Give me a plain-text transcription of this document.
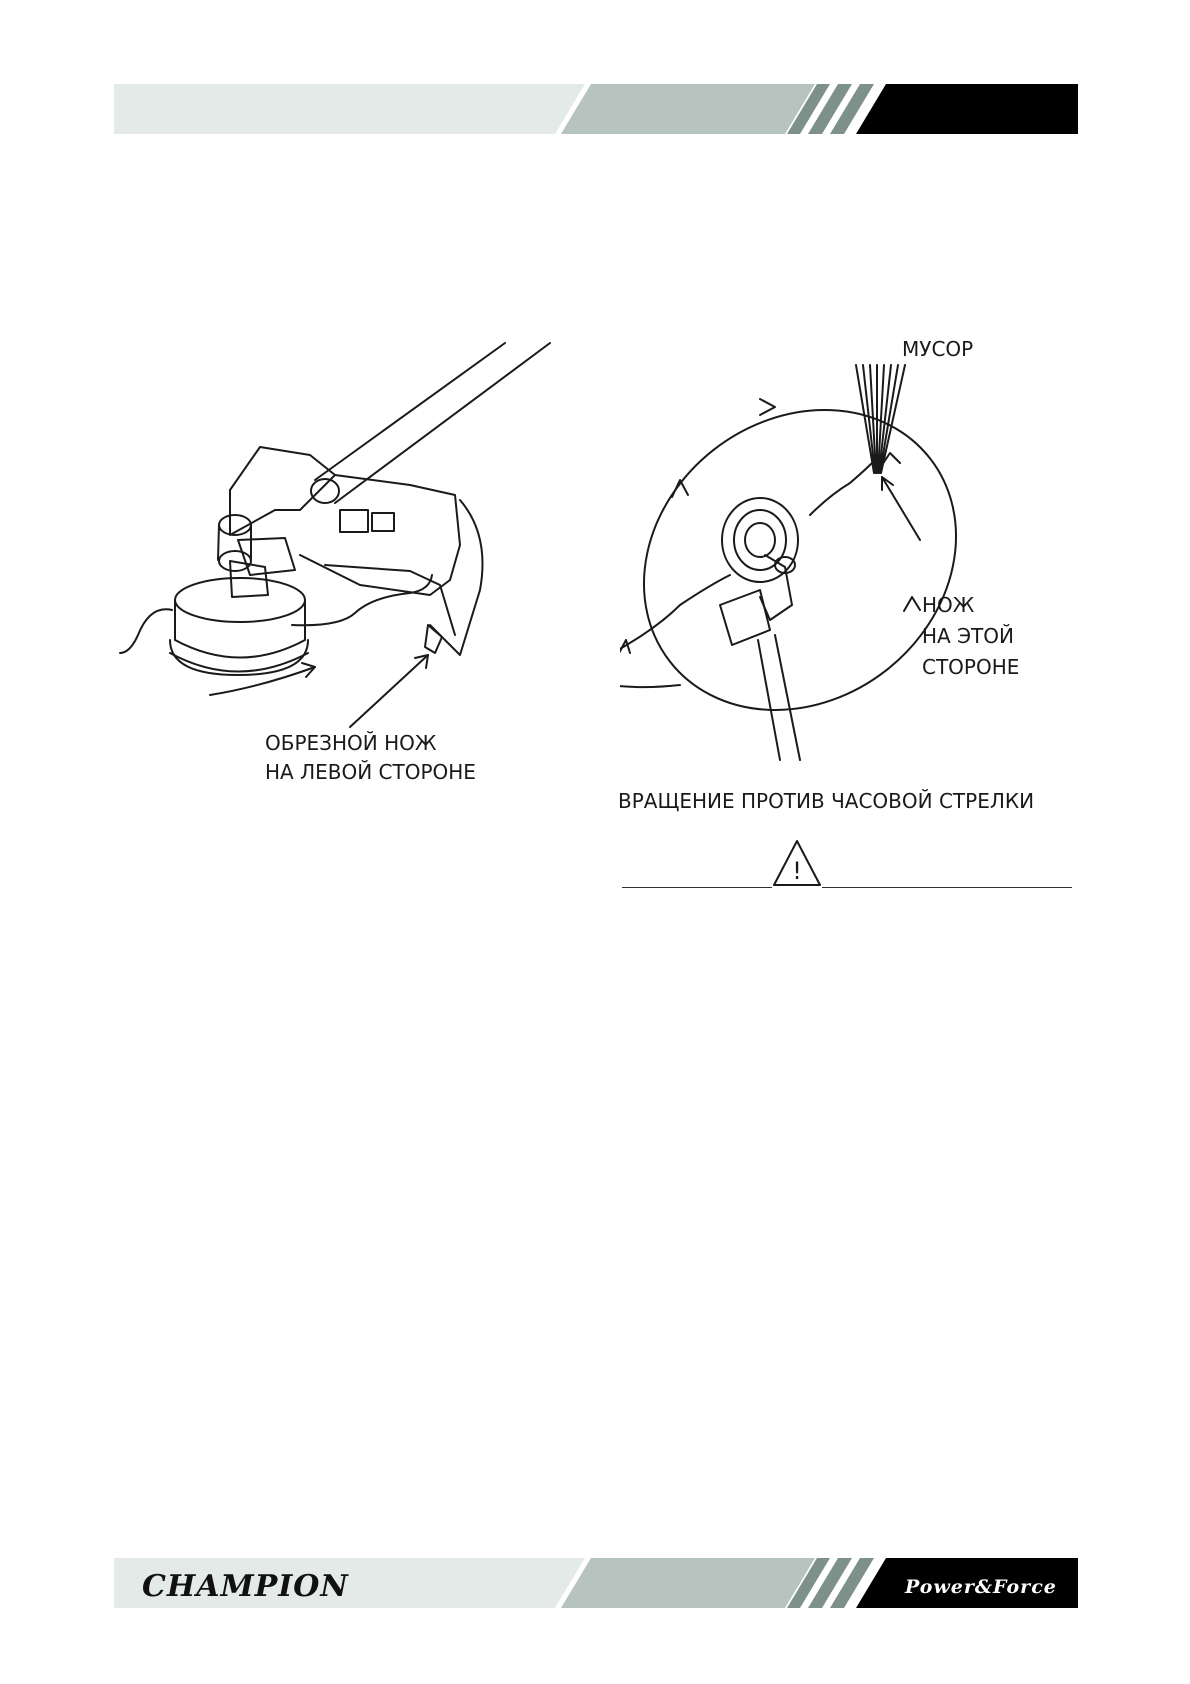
ОБРЕЗНОЙ НОЖ

НА ЛЕВОЙ СТОРОНЕ

МУСОР

НОЖ

НА ЭТОЙ

СТОРОНЕ

ВРАЩЕНИЕ ПРОТИВ ЧАСОВОЙ СТРЕЛКИ

!

CHAMPION	Power&Force
